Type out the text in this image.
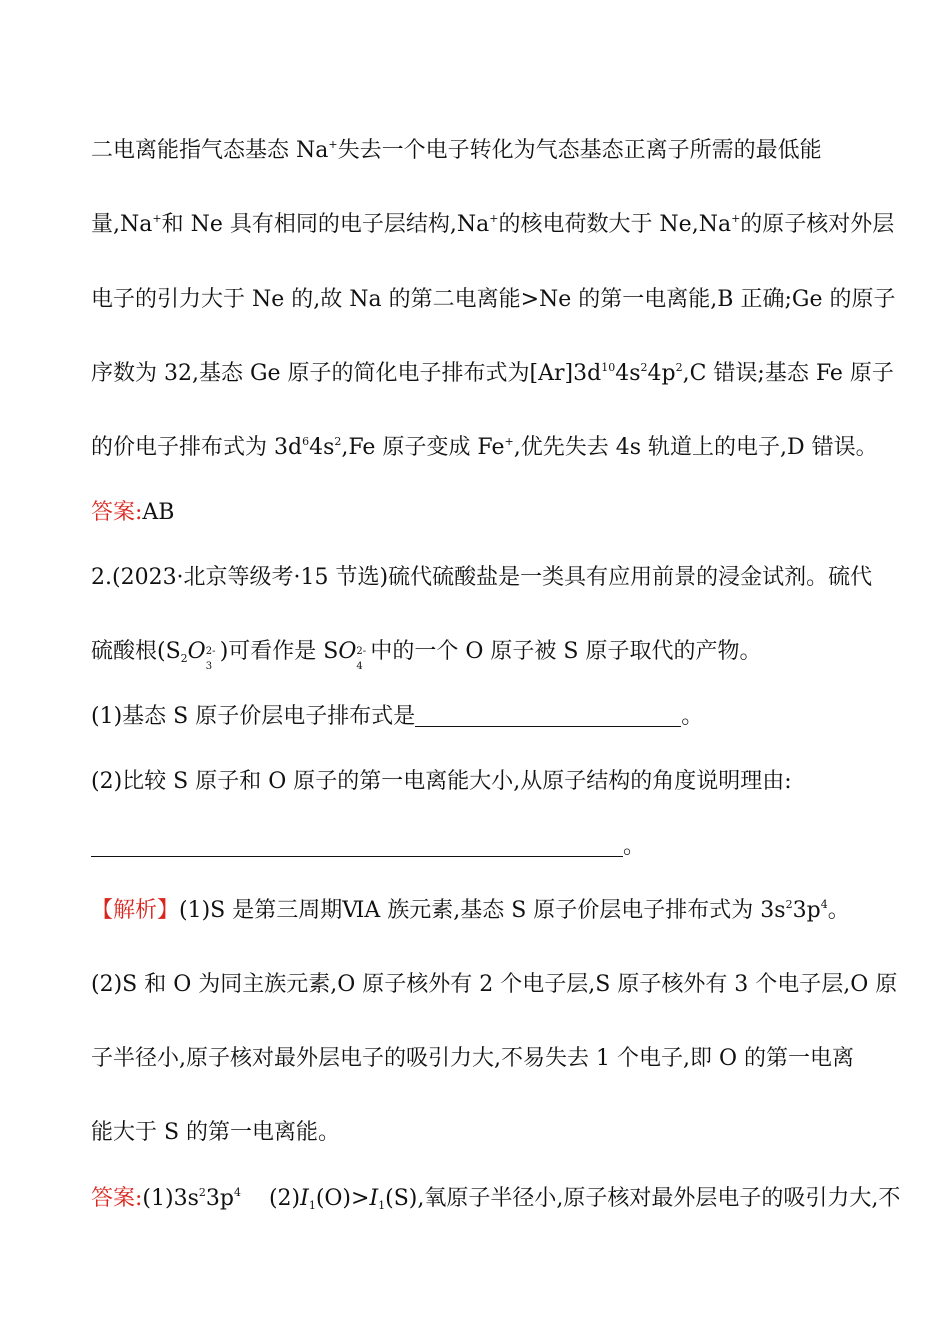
二电离能指气态基态 Na+失去一个电子转化为气态基态正离子所需的最低能
量,Na+和 Ne 具有相同的电子层结构,Na+的核电荷数大于 Ne,Na+的原子核对外层
电子的引力大于 Ne 的,故 Na 的第二电离能>Ne 的第一电离能,B 正确;Ge 的原子
序数为 32,基态 Ge 原子的简化电子排布式为$[Ar]3d^{10}4s^24p^2,C$ 错误;基态 Fe 原子
的价电子排布式为 $3d^64s^2,Fe$ 原子变成 Fe+,优先失去 4s 轨道上的电子,D 错误。
答案:AB
2.(2023·北京等级考·15 节选)硫代硫酸盐是一类具有应用前景的浸金试剂。硫代
硫酸根($S_2O$ 2-
3
)可看作是 SO 2-
4
中的一个 O 原子被 S 原子取代的产物。
(1)基态 S 原子价层电子排布式是	。
(2)比较 S 原子和 O 原子的第一电离能大小,从原子结构的角度说明理由:
。
【解析】(1)S 是第三周期ⅥA 族元素,基态 S 原子价层电子排布式为 $3s^23p^4$。
(2)S 和 O 为同主族元素,O 原子核外有 2 个电子层,S 原子核外有 3 个电子层,O 原
子半径小,原子核对最外层电子的吸引力大,不易失去 1 个电子,即 O 的第一电离
能大于 S 的第一电离能。
答案$:(1)3s^23p^4$    $(2)I_1(O)>I_1(S)$,氧原子半径小,原子核对最外层电子的吸引力大,不
